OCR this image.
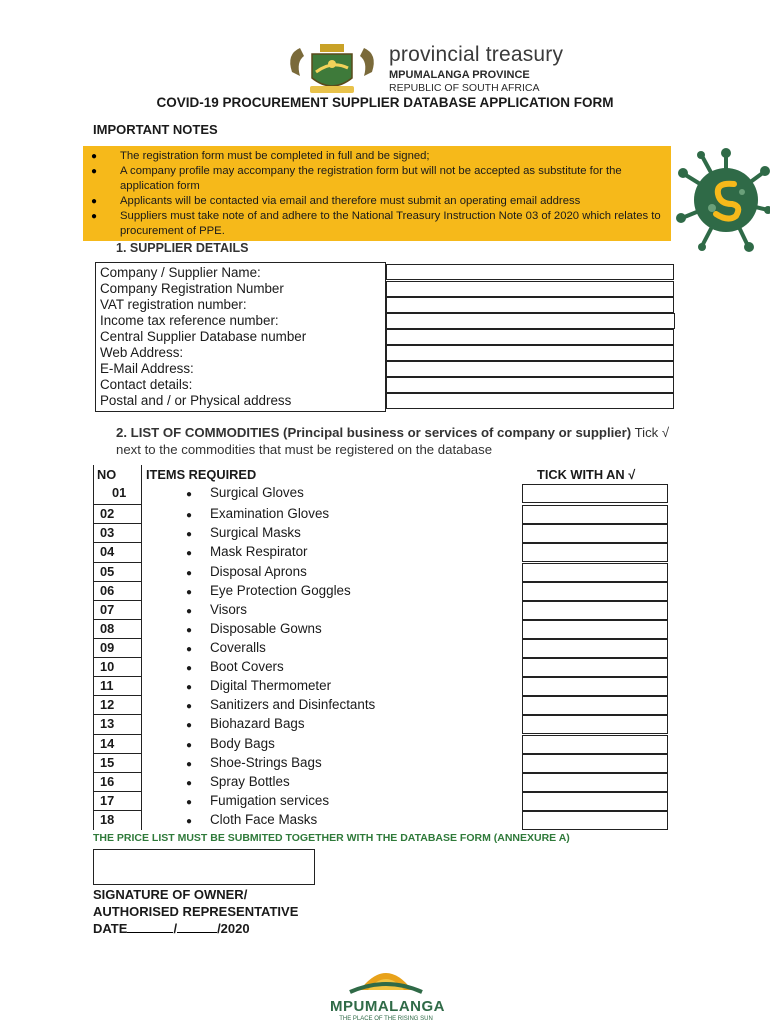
provincial treasury
MPUMALANGA PROVINCE
REPUBLIC OF SOUTH AFRICA
COVID-19 PROCUREMENT SUPPLIER DATABASE APPLICATION FORM
IMPORTANT NOTES
● The registration form must be completed in full and be signed;
● A company profile may accompany the registration form but will not be accepted as substitute for the application form
● Applicants will be contacted via email and therefore must submit an operating email address
● Suppliers must take note of and adhere to the National Treasury Instruction Note 03 of 2020 which relates to procurement of PPE.
1. SUPPLIER DETAILS
Company / Supplier Name:
Company Registration Number
VAT registration number:
Income tax reference number:
Central Supplier Database number
Web Address:
E-Mail Address:
Contact details:
Postal and / or Physical address
2. LIST OF COMMODITIES (Principal business or services of company or supplier) Tick √ next to the commodities that must be registered on the database
NO ITEMS REQUIRED	TICK WITH AN √
01	● Surgical Gloves
02	● Examination Gloves
03	● Surgical Masks
04	● Mask Respirator
05	● Disposal Aprons
06	● Eye Protection Goggles
07	● Visors
08	● Disposable Gowns
09	● Coveralls
10	● Boot Covers
11	● Digital Thermometer
12	● Sanitizers and Disinfectants
13	● Biohazard Bags
14	● Body Bags
15	● Shoe-Strings Bags
16	● Spray Bottles
17	● Fumigation services
18	● Cloth Face Masks
THE PRICE LIST MUST BE SUBMITED TOGETHER WITH THE DATABASE FORM (ANNEXURE A)
SIGNATURE OF OWNER/
AUTHORISED REPRESENTATIVE
DATE	/	/2020
MPUMALANGA
THE PLACE OF THE RISING SUN
